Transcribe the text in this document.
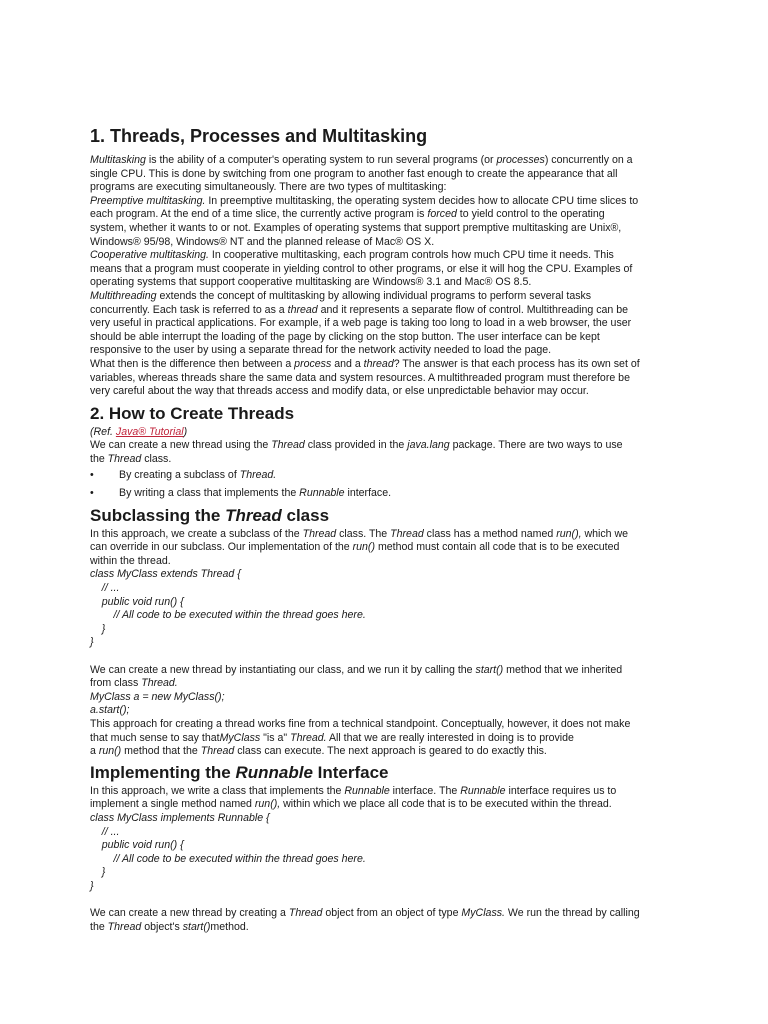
1. Threads, Processes and Multitasking
Multitasking is the ability of a computer's operating system to run several programs (or processes) concurrently on a
single CPU. This is done by switching from one program to another fast enough to create the appearance that all
programs are executing simultaneously. There are two types of multitasking:
Preemptive multitasking. In preemptive multitasking, the operating system decides how to allocate CPU time slices to
each program. At the end of a time slice, the currently active program is forced to yield control to the operating
system, whether it wants to or not. Examples of operating systems that support premptive multitasking are Unix®,
Windows® 95/98, Windows® NT and the planned release of Mac® OS X.
Cooperative multitasking. In cooperative multitasking, each program controls how much CPU time it needs. This
means that a program must cooperate in yielding control to other programs, or else it will hog the CPU. Examples of
operating systems that support cooperative multitasking are Windows® 3.1 and Mac® OS 8.5.
Multithreading extends the concept of multitasking by allowing individual programs to perform several tasks
concurrently. Each task is referred to as a thread and it represents a separate flow of control. Multithreading can be
very useful in practical applications. For example, if a web page is taking too long to load in a web browser, the user
should be able interrupt the loading of the page by clicking on the stop button. The user interface can be kept
responsive to the user by using a separate thread for the network activity needed to load the page.
What then is the difference then between a process and a thread? The answer is that each process has its own set of
variables, whereas threads share the same data and system resources. A multithreaded program must therefore be
very careful about the way that threads access and modify data, or else unpredictable behavior may occur.
2. How to Create Threads
(Ref. Java® Tutorial)
We can create a new thread using the Thread class provided in the java.lang package. There are two ways to use
the Thread class.
• By creating a subclass of Thread.
• By writing a class that implements the Runnable interface.
Subclassing the Thread class
In this approach, we create a subclass of the Thread class. The Thread class has a method named run(), which we
can override in our subclass. Our implementation of the run() method must contain all code that is to be executed
within the thread.
class MyClass extends Thread {
// ...
public void run() {
// All code to be executed within the thread goes here.
}
}
We can create a new thread by instantiating our class, and we run it by calling the start() method that we inherited
from class Thread.
MyClass a = new MyClass();
a.start();
This approach for creating a thread works fine from a technical standpoint. Conceptually, however, it does not make
that much sense to say thatMyClass "is a" Thread. All that we are really interested in doing is to provide
a run() method that the Thread class can execute. The next approach is geared to do exactly this.
Implementing the Runnable Interface
In this approach, we write a class that implements the Runnable interface. The Runnable interface requires us to
implement a single method named run(), within which we place all code that is to be executed within the thread.
class MyClass implements Runnable {
// ...
public void run() {
// All code to be executed within the thread goes here.
}
}
We can create a new thread by creating a Thread object from an object of type MyClass. We run the thread by calling
the Thread object's start()method.
